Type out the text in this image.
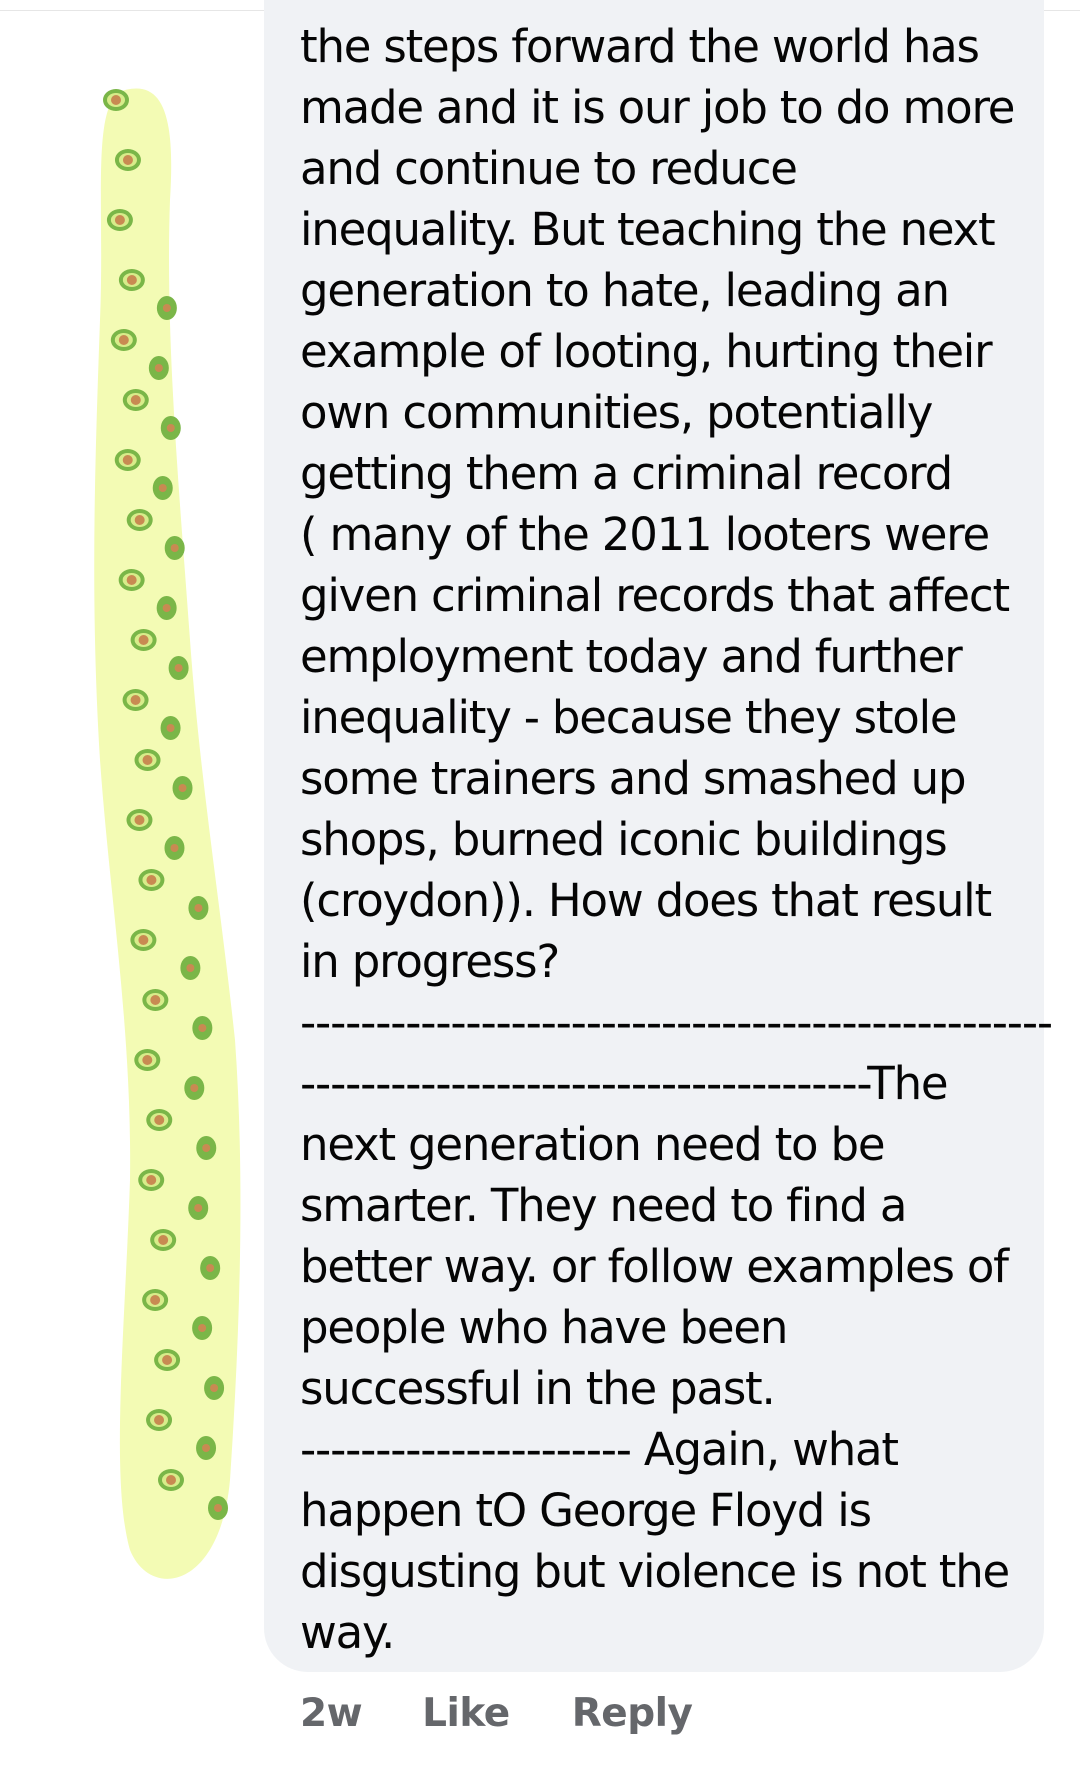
the steps forward the world has
made and it is our job to do more
and continue to reduce
inequality. But teaching the next
generation to hate, leading an
example of looting, hurting their
own communities, potentially
getting them a criminal record
( many of the 2011 looters were
given criminal records that affect
employment today and further
inequality - because they stole
some trainers and smashed up
shops, burned iconic buildings
(croydon)). How does that result
in progress?
--------------------------------------------------
--------------------------------------The
next generation need to be
smarter. They need to find a
better way. or follow examples of
people who have been
successful in the past.
---------------------- Again, what
happen tO George Floyd is
disgusting but violence is not the
way.
2w Like Reply
